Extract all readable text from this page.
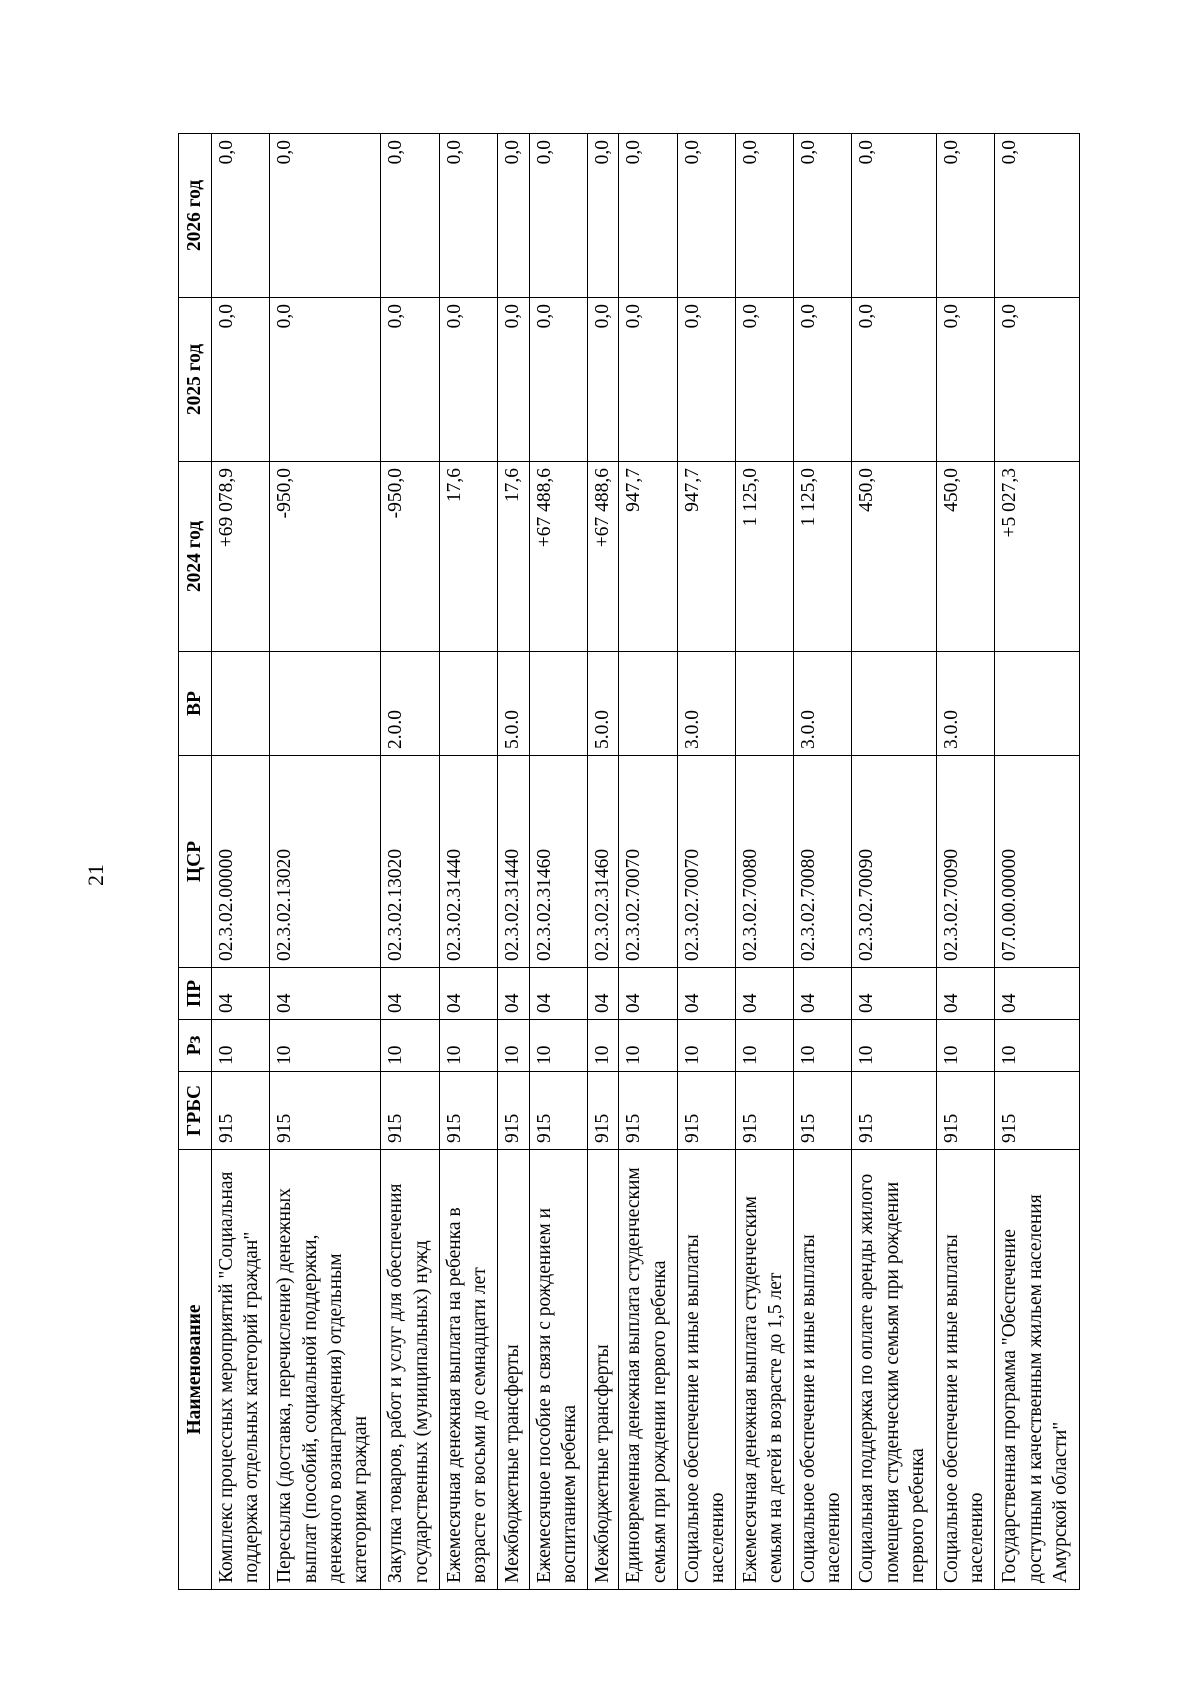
21
Наименование	ГРБС	Рз	ПР	ЦСР	ВР	2024 год	2025 год	2026 год
Комплекс процессных мероприятий "Социальная поддержка отдельных категорий граждан"	915	10	04	02.3.02.00000		+69 078,9	0,0	0,0
Пересылка (доставка, перечисление) денежных выплат (пособий, социальной поддержки, денежного вознаграждения) отдельным категориям граждан	915	10	04	02.3.02.13020		-950,0	0,0	0,0
Закупка товаров, работ и услуг для обеспечения государственных (муниципальных) нужд	915	10	04	02.3.02.13020	2.0.0	-950,0	0,0	0,0
Ежемесячная денежная выплата на ребенка в возрасте от восьми до семнадцати лет	915	10	04	02.3.02.31440		17,6	0,0	0,0
Межбюджетные трансферты	915	10	04	02.3.02.31440	5.0.0	17,6	0,0	0,0
Ежемесячное пособие в связи с рождением и воспитанием ребенка	915	10	04	02.3.02.31460		+67 488,6	0,0	0,0
Межбюджетные трансферты	915	10	04	02.3.02.31460	5.0.0	+67 488,6	0,0	0,0
Единовременная денежная выплата студенческим семьям при рождении первого ребенка	915	10	04	02.3.02.70070		947,7	0,0	0,0
Социальное обеспечение и иные выплаты населению	915	10	04	02.3.02.70070	3.0.0	947,7	0,0	0,0
Ежемесячная денежная выплата студенческим семьям на детей в возрасте до 1,5 лет	915	10	04	02.3.02.70080		1 125,0	0,0	0,0
Социальное обеспечение и иные выплаты населению	915	10	04	02.3.02.70080	3.0.0	1 125,0	0,0	0,0
Социальная поддержка по оплате аренды жилого помещения студенческим семьям при рождении первого ребенка	915	10	04	02.3.02.70090		450,0	0,0	0,0
Социальное обеспечение и иные выплаты населению	915	10	04	02.3.02.70090	3.0.0	450,0	0,0	0,0
Государственная программа "Обеспечение доступным и качественным жильем населения Амурской области"	915	10	04	07.0.00.00000		+5 027,3	0,0	0,0
